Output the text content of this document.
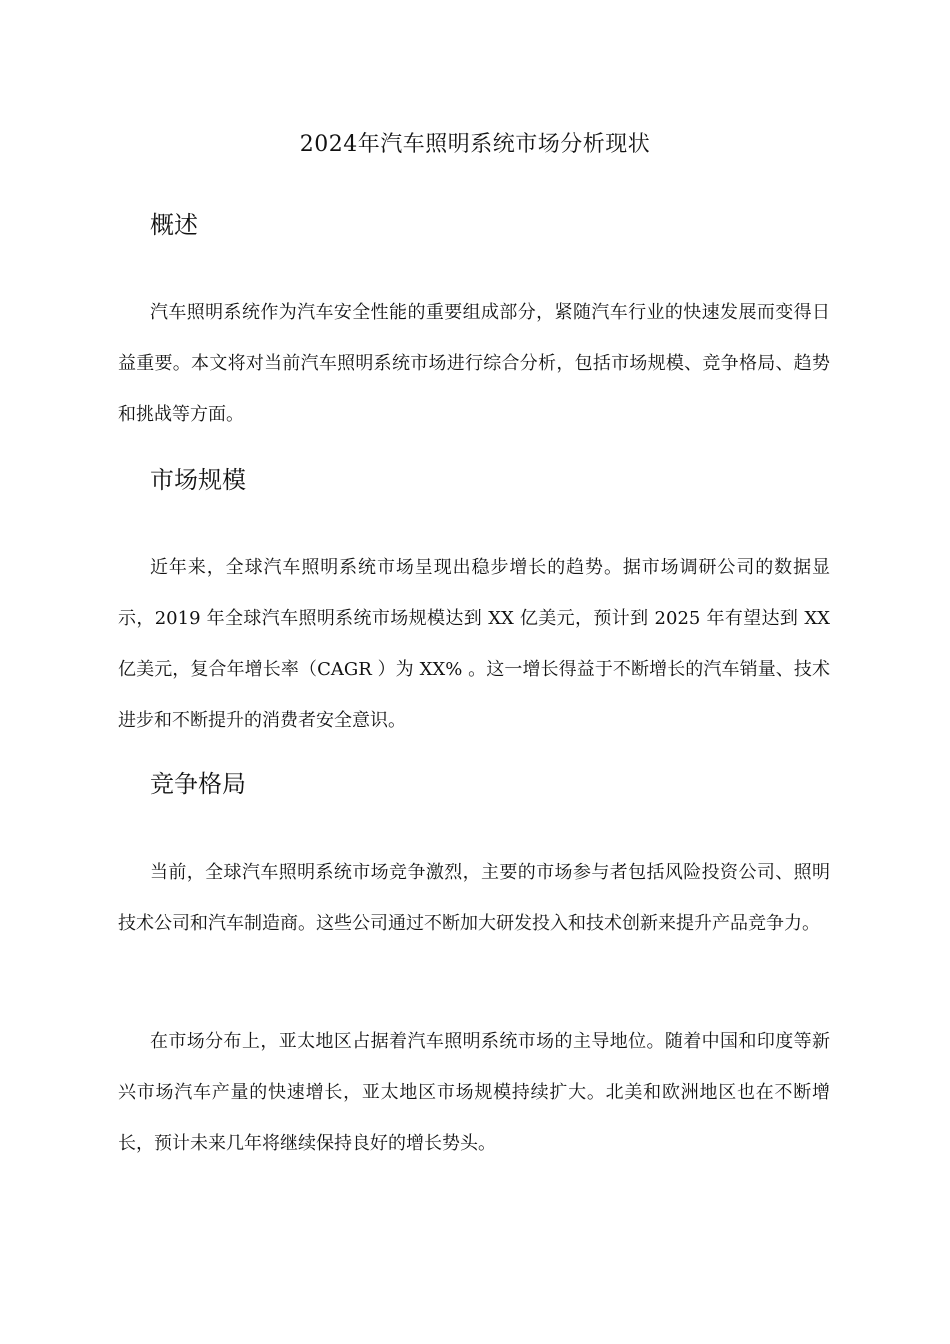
2024年汽车照明系统市场分析现状
概述

汽车照明系统作为汽车安全性能的重要组成部分，紧随汽车行业的快速发展而变得日益重要。本文将对当前汽车照明系统市场进行综合分析，包括市场规模、竞争格局、趋势和挑战等方面。

市场规模

近年来，全球汽车照明系统市场呈现出稳步增长的趋势。据市场调研公司的数据显示，2019 年全球汽车照明系统市场规模达到 XX 亿美元，预计到 2025 年有望达到 XX 亿美元，复合年增长率（CAGR ）为 XX% 。这一增长得益于不断增长的汽车销量、技术进步和不断提升的消费者安全意识。

竞争格局

当前，全球汽车照明系统市场竞争激烈，主要的市场参与者包括风险投资公司、照明技术公司和汽车制造商。这些公司通过不断加大研发投入和技术创新来提升产品竞争力。

在市场分布上，亚太地区占据着汽车照明系统市场的主导地位。随着中国和印度等新兴市场汽车产量的快速增长，亚太地区市场规模持续扩大。北美和欧洲地区也在不断增长，预计未来几年将继续保持良好的增长势头。
